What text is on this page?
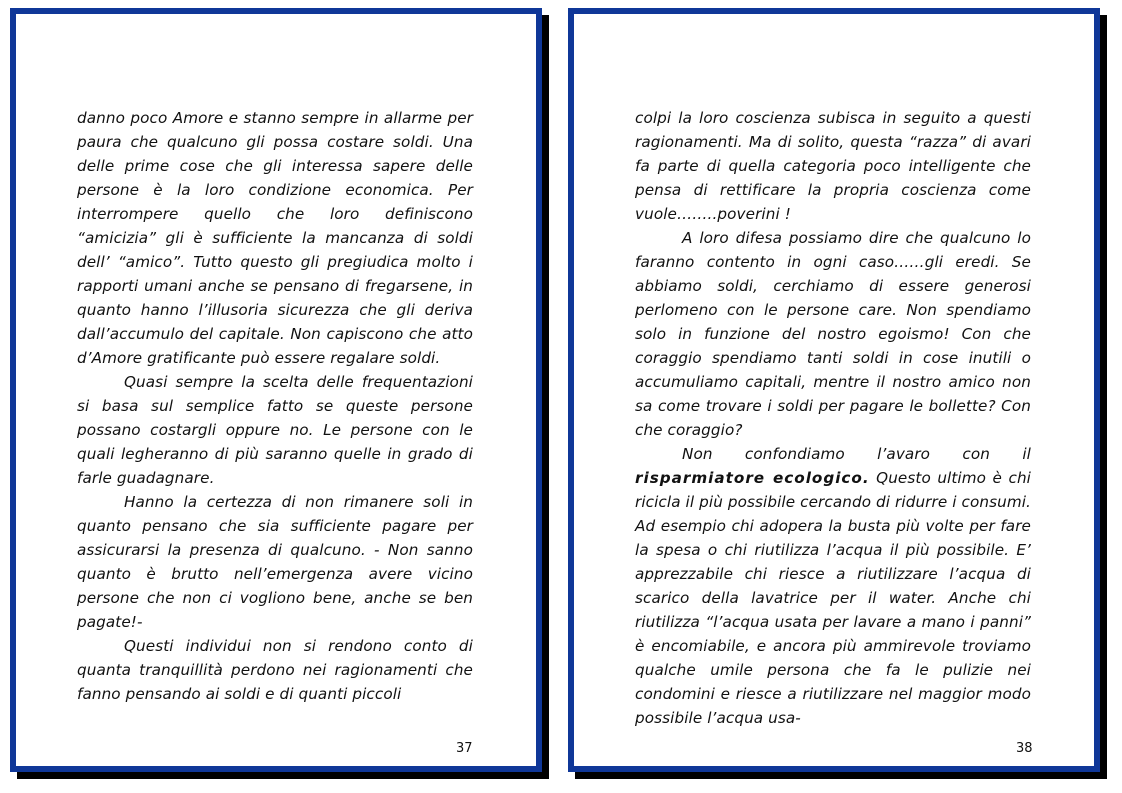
danno poco Amore e stanno sempre in allarme per paura che qualcuno gli possa costare soldi. Una delle prime cose che gli interessa sapere delle persone è la loro condizione economica. Per interrompere quello che loro definiscono “amicizia” gli è sufficiente la mancanza di soldi dell’ “amico”. Tutto questo gli pregiudica molto i rapporti umani anche se pensano di fregarsene, in quanto hanno l’illusoria sicurezza che gli deriva dall’accumulo del capitale. Non capiscono che atto d’Amore gratificante può essere regalare soldi.

Quasi sempre la scelta delle frequentazioni si basa sul semplice fatto se queste persone possano costargli oppure no. Le persone con le quali legheranno di più saranno quelle in grado di farle guadagnare.

Hanno la certezza di non rimanere soli in quanto pensano che sia sufficiente pagare per assicurarsi la presenza di qualcuno. - Non sanno quanto è brutto nell’emergenza avere vicino persone che non ci vogliono bene, anche se ben pagate!-

Questi individui non si rendono conto di quanta tranquillità perdono nei ragionamenti che fanno pensando ai soldi e di quanti piccoli

37

colpi la loro coscienza subisca in seguito a questi ragionamenti. Ma di solito, questa “razza” di avari fa parte di quella categoria poco intelligente che pensa di rettificare la propria coscienza come vuole……..poverini !

A loro difesa possiamo dire che qualcuno lo faranno contento in ogni caso……gli eredi. Se abbiamo soldi, cerchiamo di essere generosi perlomeno con le persone care. Non spendiamo solo in funzione del nostro egoismo! Con che coraggio spendiamo tanti soldi in cose inutili o accumuliamo capitali, mentre il nostro amico non sa come trovare i soldi per pagare le bollette? Con che coraggio?

Non confondiamo l’avaro con il risparmiatore ecologico. Questo ultimo è chi ricicla il più possibile cercando di ridurre i consumi. Ad esempio chi adopera la busta più volte per fare la spesa o chi riutilizza l’acqua il più possibile. E’ apprezzabile chi riesce a riutilizzare l’acqua di scarico della lavatrice per il water. Anche chi riutilizza “l’acqua usata per lavare a mano i panni” è encomiabile, e ancora più ammirevole troviamo qualche umile persona che fa le pulizie nei condomini e riesce a riutilizzare nel maggior modo possibile l’acqua usa-

38
